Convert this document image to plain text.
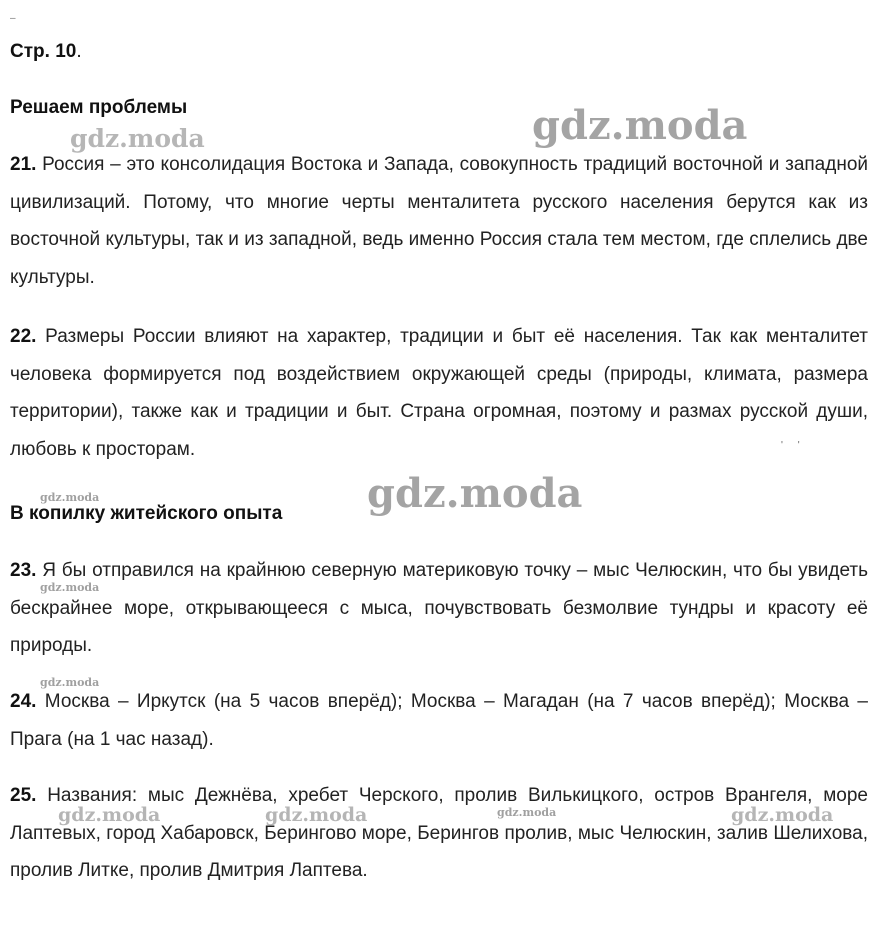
–
Стр. 10.
Решаем проблемы
21. Россия – это консолидация Востока и Запада, совокупность традиций восточной и западной цивилизаций. Потому, что многие черты менталитета русского населения берутся как из восточной культуры, так и из западной, ведь именно Россия стала тем местом, где сплелись две культуры.
22. Размеры России влияют на характер, традиции и быт её населения. Так как менталитет человека формируется под воздействием окружающей среды (природы, климата, размера территории), также как и традиции и быт. Страна огромная, поэтому и размах русской души, любовь к просторам.
В копилку житейского опыта
23. Я бы отправился на крайнюю северную материковую точку – мыс Челюскин, что бы увидеть бескрайнее море, открывающееся с мыса, почувствовать безмолвие тундры и красоту её природы.
24. Москва – Иркутск (на 5 часов вперёд); Москва – Магадан (на 7 часов вперёд); Москва – Прага (на 1 час назад).
25. Названия: мыс Дежнёва, хребет Черского, пролив Вилькицкого, остров Врангеля, море Лаптевых, город Хабаровск, Берингово море, Берингов пролив, мыс Челюскин, залив Шелихова, пролив Литке, пролив Дмитрия Лаптева.
' '
gdz.moda
gdz.moda
gdz.moda
gdz.moda
gdz.moda
gdz.moda
gdz.moda	gdz.moda	gdz.moda	gdz.moda
